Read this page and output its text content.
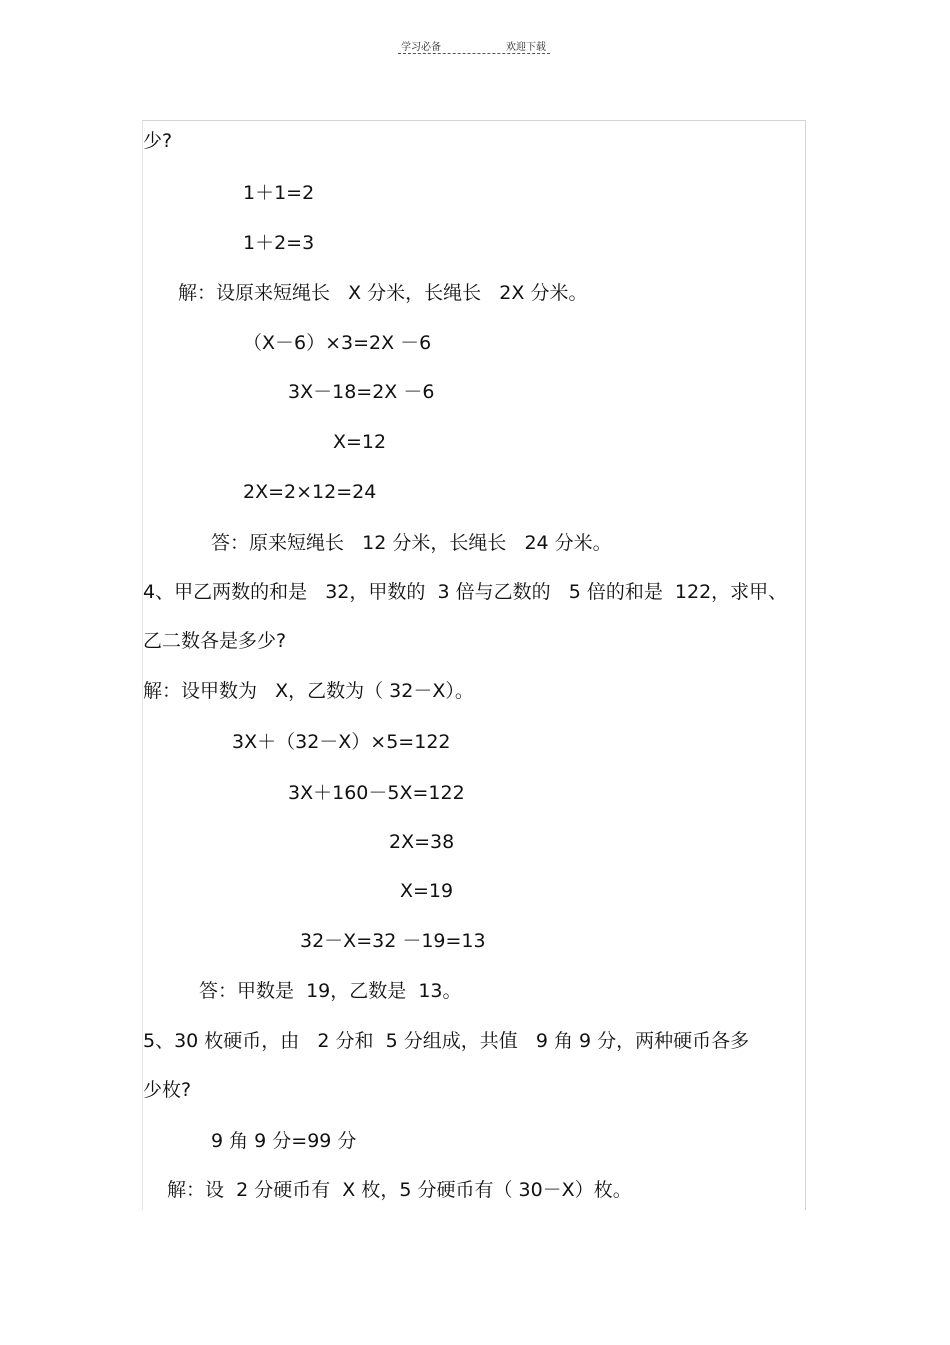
学习必备	欢迎下载
少?
1＋1=2
1＋2=3
解：设原来短绳长   X 分米，长绳长   2X 分米。
（X－6）×3=2X －6
3X－18=2X －6
X=12
2X=2×12=24
答：原来短绳长   12 分米，长绳长   24 分米。
4、甲乙两数的和是   32，甲数的  3 倍与乙数的   5 倍的和是  122，求甲、
乙二数各是多少?
解：设甲数为   X，乙数为（ 32－X）。
3X＋（32－X）×5=122
3X＋160－5X=122
2X=38
X=19
32－X=32 －19=13
答：甲数是  19，乙数是  13。
5、30 枚硬币，由   2 分和  5 分组成，共值   9 角 9 分，两种硬币各多
少枚?
9 角 9 分=99 分
解：设  2 分硬币有  X 枚，5 分硬币有（ 30－X）枚。
